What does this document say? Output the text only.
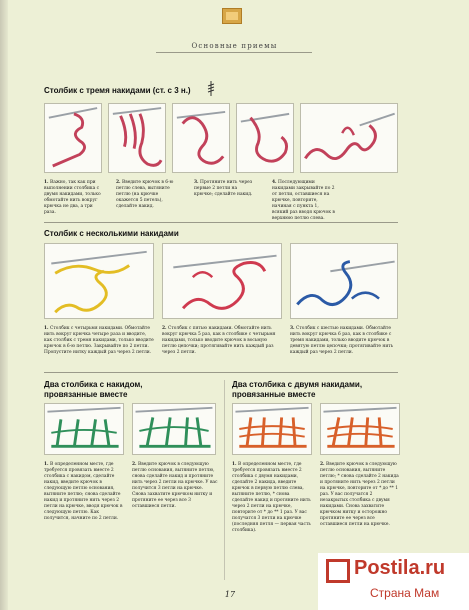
Основные приемы
Столбик с тремя накидами (ст. с 3 н.)
1. Важно, так как при выполнении столбика с двумя накидами, только обмотайте нить вокруг крючка не два, а три раза.
2. Введите крючок в 6-ю петлю слева, вытяните петлю (на крючке окажется 5 петель), сделайте накид.
3. Протяните нить через первые 2 петли на крючке; сделайте накид.
4. Последующими накидами закрывайте по 2 от петли, оставшиеся на крючке, повторите, начиная с пункта 1, всякий раз вводя крючок в верхнюю петлю слева.
Столбик с несколькими накидами
1. Столбик с четырьмя накидами. Обмотайте нить вокруг крючка четыре раза и вводите, как столбик с тремя накидами, только вводите крючок в 6-ю петлю. Закрывайте по 2 петли. Пропустите нитку каждый раз через 2 петли.
2. Столбик с пятью накидами. Обмотайте нить вокруг крючка 5 раз, как в столбике с четырьмя накидами, только вводите крючок в восьмую петлю цепочки; протягивайте нить каждый раз через 2 петли.
3. Столбик с шестью накидами. Обмотайте нить вокруг крючка 6 раз, как в столбике с тремя накидами, только вводите крючок в девятую петлю цепочки; протягивайте нить каждый раз через 2 петли.
Два столбика с накидом,
провязанные вместе
Два столбика с двумя накидами,
провязанные вместе
1. В определенном месте, где требуется провязать вместе 2 столбика с накидом, сделайте накид, введите крючок в следующую петлю основания, вытяните петлю; снова сделайте накид и протяните нить через 2 петли на крючке, вводя крючок в следующую петлю. Как получится, начните по 2 петли.
2. Введите крючок в следующую петлю основания, вытяните петлю, снова сделайте накид и протяните нить через 2 петли на крючке. У вас получится 3 петли на крючке. Снова захватите крючком нитку и протяните ее через все 3 оставшиеся петли.
1. В определенном месте, где требуется провязать вместе 2 столбика с двумя накидами, сделайте 2 накида, введите крючок в первую петлю слева, вытяните петлю, * снова сделайте накид и протяните нить через 2 петли на крючке, повторите от * до ** 1 раз. У вас получатся 3 петли на крючке (последняя петля — первая часть столбика).
2. Введите крючок в следующую петлю основания, вытяните петлю; * снова сделайте 2 накида и протяните нить через 2 петли на крючке, повторите от * до ** 1 раз. У вас получатся 2 незакрытых столбика с двумя накидами. Снова захватите крючком нитку и осторожно протяните ее через все оставшиеся петли на крючке.
17
Postila.ru
Страна Мам
